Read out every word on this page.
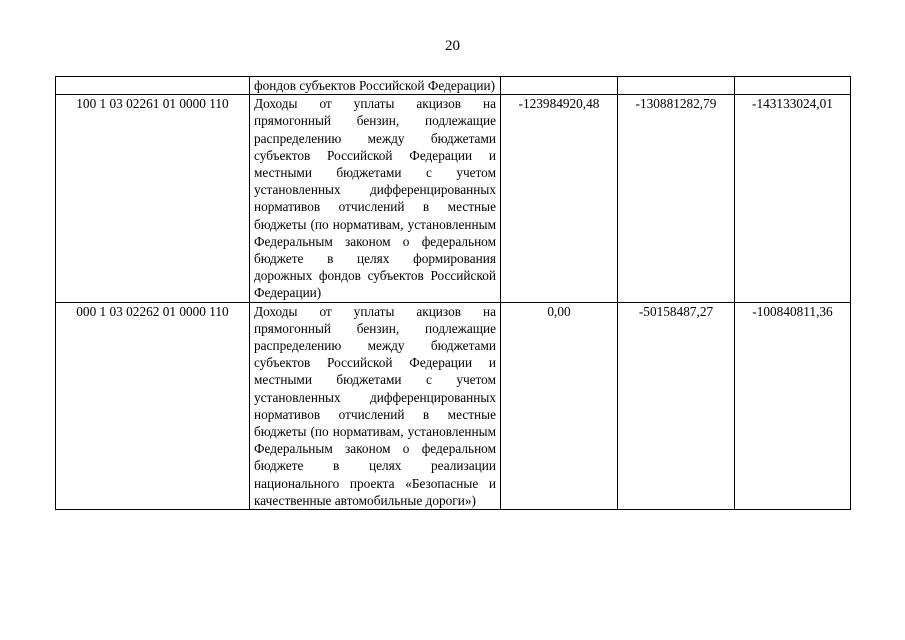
20
	фондов субъектов Российской Федерации)			
100 1 03 02261 01 0000 110	Доходы от уплаты акцизов на прямогонный бензин, подлежащие распределению между бюджетами субъектов Российской Федерации и местными бюджетами с учетом установленных дифференцированных нормативов отчислений в местные бюджеты (по нормативам, установленным Федеральным законом о федеральном бюджете в целях формирования дорожных фондов субъектов Российской Федерации)	-123984920,48	-130881282,79	-143133024,01
000 1 03 02262 01 0000 110	Доходы от уплаты акцизов на прямогонный бензин, подлежащие распределению между бюджетами субъектов Российской Федерации и местными бюджетами с учетом установленных дифференцированных нормативов отчислений в местные бюджеты (по нормативам, установленным Федеральным законом о федеральном бюджете в целях реализации национального проекта «Безопасные и качественные автомобильные дороги»)	0,00	-50158487,27	-100840811,36
